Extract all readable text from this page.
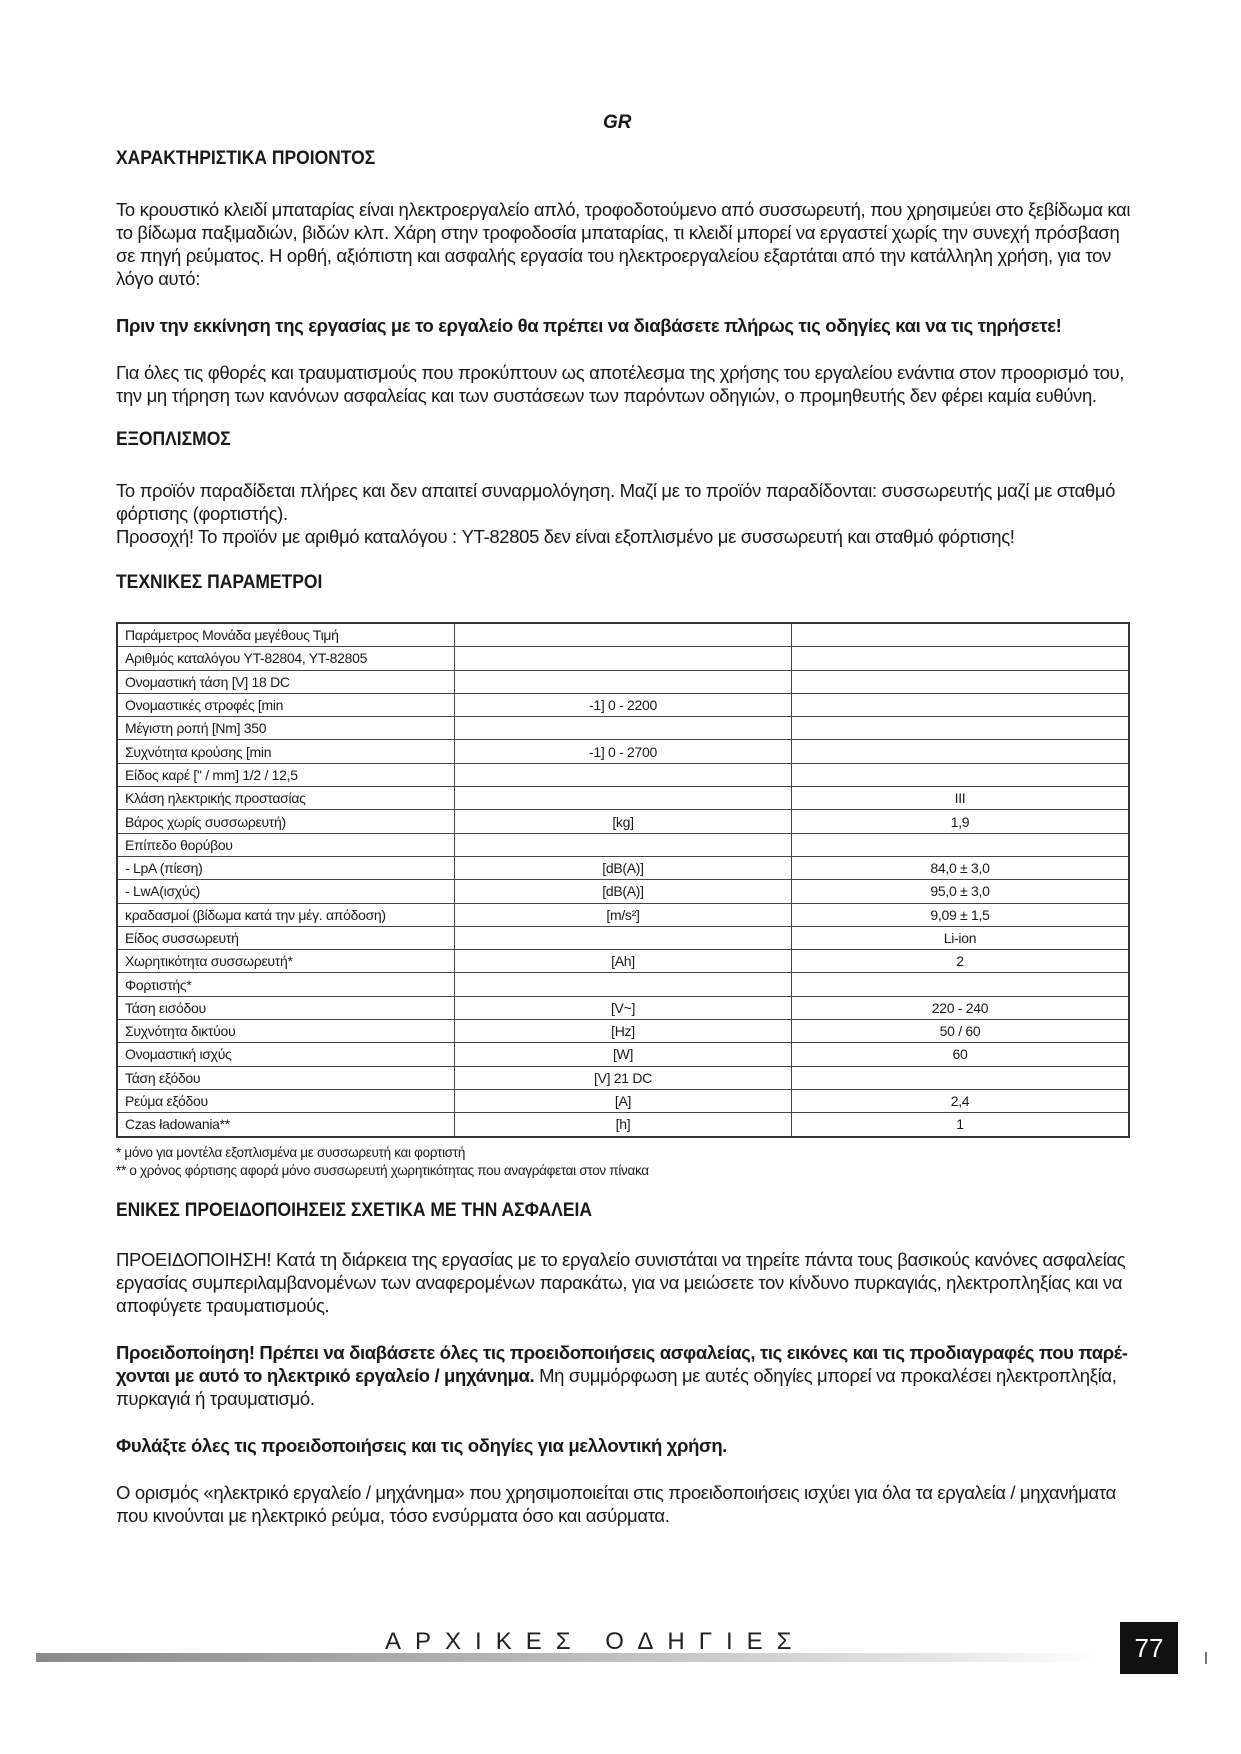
GR
ΧΑΡΑΚΤΗΡΙΣΤΙΚΑ ΠΡΟΙΟΝΤΟΣ

Το κρουστικό κλειδί μπαταρίας είναι ηλεκτροεργαλείο απλό, τροφοδοτούμενο από συσσωρευτή, που χρησιμεύει στο ξεβίδωμα και
το βίδωμα παξιμαδιών, βιδών κλπ. Χάρη στην τροφοδοσία μπαταρίας, τι κλειδί μπορεί να εργαστεί χωρίς την συνεχή πρόσβαση
σε πηγή ρεύματος. Η ορθή, αξιόπιστη και ασφαλής εργασία του ηλεκτροεργαλείου εξαρτάται από την κατάλληλη χρήση, για τον
λόγο αυτό:

Πριν την εκκίνηση της εργασίας με το εργαλείο θα πρέπει να διαβάσετε πλήρως τις οδηγίες και να τις τηρήσετε!

Για όλες τις φθορές και τραυματισμούς που προκύπτουν ως αποτέλεσμα της χρήσης του εργαλείου ενάντια στον προορισμό του,
την μη τήρηση των κανόνων ασφαλείας και των συστάσεων των παρόντων οδηγιών, ο προμηθευτής δεν φέρει καμία ευθύνη.

ΕΞΟΠΛΙΣΜΟΣ

Το προϊόν παραδίδεται πλήρες και δεν απαιτεί συναρμολόγηση. Μαζί με το προϊόν παραδίδονται: συσσωρευτής μαζί με σταθμό
φόρτισης (φορτιστής).
Προσοχή! Το προϊόν με αριθμό καταλόγου : YT-82805 δεν είναι εξοπλισμένο με συσσωρευτή και σταθμό φόρτισης!

ΤΕΧΝΙΚΕΣ ΠΑΡΑΜΕΤΡΟΙ
Παράμετρος Μονάδα μεγέθους Τιμή		
Αριθμός καταλόγου YT-82804, YT-82805		
Ονομαστική τάση [V] 18 DC		
Ονομαστικές στροφές [min	-1] 0 - 2200	
Μέγιστη ροπή [Nm] 350		
Συχνότητα κρούσης [min	-1] 0 - 2700	
Είδος καρέ [" / mm] 1/2 / 12,5		
Κλάση ηλεκτρικής προστασίας		III
Βάρος χωρίς συσσωρευτή)	[kg]	1,9
Επίπεδο θορύβου		
- LpA (πίεση)	[dB(A)]	84,0 ± 3,0
- LwA(ισχύς)	[dB(A)]	95,0 ± 3,0
κραδασμοί (βίδωμα κατά την μέγ. απόδοση)	[m/s²]	9,09 ± 1,5
Είδος συσσωρευτή		Li-ion
Χωρητικότητα συσσωρευτή*	[Ah]	2
Φορτιστής*		
Τάση εισόδου	[V~]	220 - 240
Συχνότητα δικτύου	[Hz]	50 / 60
Ονομαστική ισχύς	[W]	60
Τάση εξόδου	[V] 21 DC	
Ρεύμα εξόδου	[A]	2,4
Czas ładowania**	[h]	1
* μόνο για μοντέλα εξοπλισμένα με συσσωρευτή και φορτιστή
** ο χρόνος φόρτισης αφορά μόνο συσσωρευτή χωρητικότητας που αναγράφεται στον πίνακα
ΕΝΙΚΕΣ ΠΡΟΕΙΔΟΠΟΙΗΣΕΙΣ ΣΧΕΤΙΚΑ ΜΕ ΤΗΝ ΑΣΦΑΛΕΙΑ

ΠΡΟΕΙΔΟΠΟΙΗΣΗ! Κατά τη διάρκεια της εργασίας με το εργαλείο συνιστάται να τηρείτε πάντα τους βασικούς κανόνες ασφαλείας
εργασίας συμπεριλαμβανομένων των αναφερομένων παρακάτω, για να μειώσετε τον κίνδυνο πυρκαγιάς, ηλεκτροπληξίας και να
αποφύγετε τραυματισμούς.

Προειδοποίηση! Πρέπει να διαβάσετε όλες τις προειδοποιήσεις ασφαλείας, τις εικόνες και τις προδιαγραφές που παρέ-
χονται με αυτό το ηλεκτρικό εργαλείο / μηχάνημα. Μη συμμόρφωση με αυτές οδηγίες μπορεί να προκαλέσει ηλεκτροπληξία,
πυρκαγιά ή τραυματισμό.

Φυλάξτε όλες τις προειδοποιήσεις και τις οδηγίες για μελλοντική χρήση.

Ο ορισμός «ηλεκτρικό εργαλείο / μηχάνημα» που χρησιμοποιείται στις προειδοποιήσεις ισχύει για όλα τα εργαλεία / μηχανήματα
που κινούνται με ηλεκτρικό ρεύμα, τόσο ενσύρματα όσο και ασύρματα.

ΑΡΧΙΚΕΣ ΟΔΗΓΙΕΣ	77
